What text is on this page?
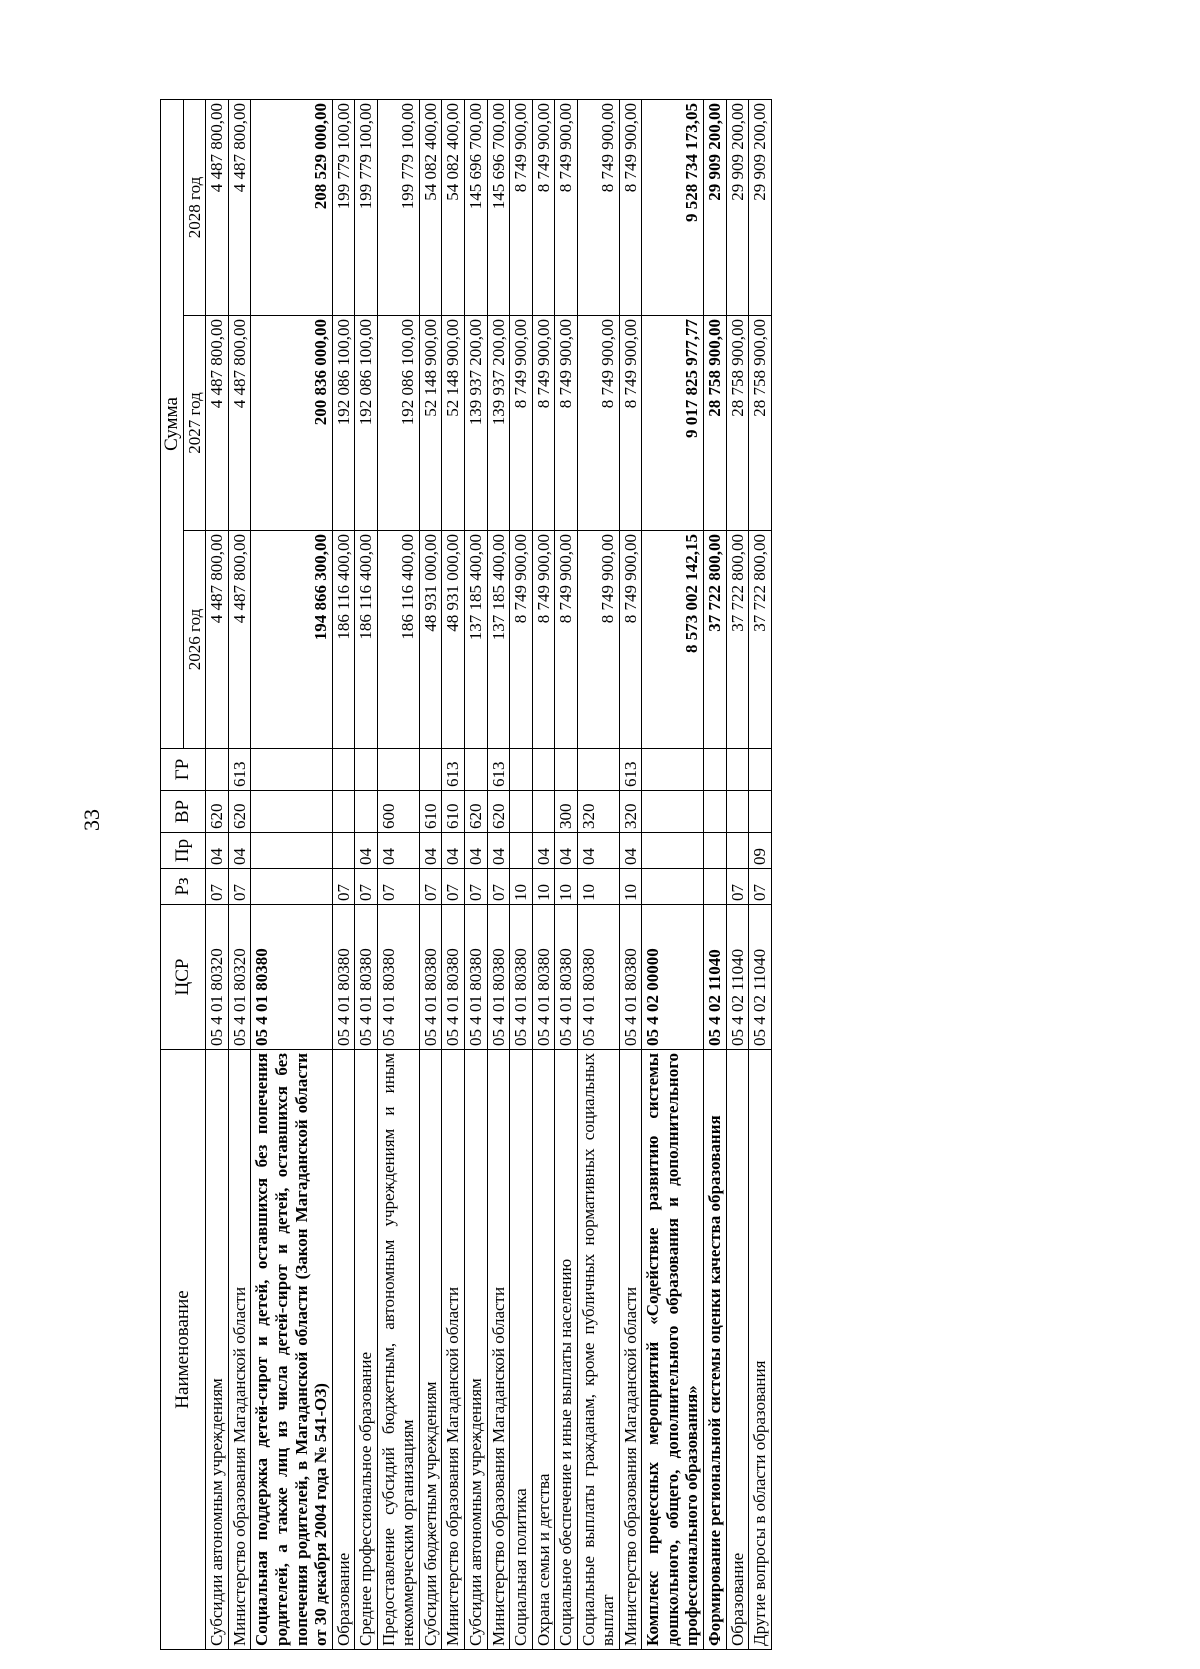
33
Наименование	ЦСР	Рз	Пр	ВР	ГР	Сумма		
						2026 год	2027 год	2028 год
Субсидии автономным учреждениям	05 4 01 80320	07	04	620		4 487 800,00	4 487 800,00	4 487 800,00
Министерство образования Магаданской области	05 4 01 80320	07	04	620	613	4 487 800,00	4 487 800,00	4 487 800,00
Социальная поддержка детей-сирот и детей, оставшихся без попечения родителей, а также лиц из числа детей-сирот и детей, оставшихся без попечения родителей, в Магаданской области (Закон Магаданской области от 30 декабря 2004 года № 541-ОЗ)	05 4 01 80380					194 866 300,00	200 836 000,00	208 529 000,00
Образование	05 4 01 80380	07				186 116 400,00	192 086 100,00	199 779 100,00
Среднее профессиональное образование	05 4 01 80380	07	04			186 116 400,00	192 086 100,00	199 779 100,00
Предоставление субсидий бюджетным, автономным учреждениям и иным некоммерческим организациям	05 4 01 80380	07	04	600		186 116 400,00	192 086 100,00	199 779 100,00
Субсидии бюджетным учреждениям	05 4 01 80380	07	04	610		48 931 000,00	52 148 900,00	54 082 400,00
Министерство образования Магаданской области	05 4 01 80380	07	04	610	613	48 931 000,00	52 148 900,00	54 082 400,00
Субсидии автономным учреждениям	05 4 01 80380	07	04	620		137 185 400,00	139 937 200,00	145 696 700,00
Министерство образования Магаданской области	05 4 01 80380	07	04	620	613	137 185 400,00	139 937 200,00	145 696 700,00
Социальная политика	05 4 01 80380	10				8 749 900,00	8 749 900,00	8 749 900,00
Охрана семьи и детства	05 4 01 80380	10	04			8 749 900,00	8 749 900,00	8 749 900,00
Социальное обеспечение и иные выплаты населению	05 4 01 80380	10	04	300		8 749 900,00	8 749 900,00	8 749 900,00
Социальные выплаты гражданам, кроме публичных нормативных социальных выплат	05 4 01 80380	10	04	320		8 749 900,00	8 749 900,00	8 749 900,00
Министерство образования Магаданской области	05 4 01 80380	10	04	320	613	8 749 900,00	8 749 900,00	8 749 900,00
Комплекс процессных мероприятий «Содействие развитию системы дошкольного, общего, дополнительного образования и дополнительного профессионального образования»	05 4 02 00000					8 573 002 142,15	9 017 825 977,77	9 528 734 173,05
Формирование региональной системы оценки качества образования	05 4 02 11040					37 722 800,00	28 758 900,00	29 909 200,00
Образование	05 4 02 11040	07				37 722 800,00	28 758 900,00	29 909 200,00
Другие вопросы в области образования	05 4 02 11040	07	09			37 722 800,00	28 758 900,00	29 909 200,00
